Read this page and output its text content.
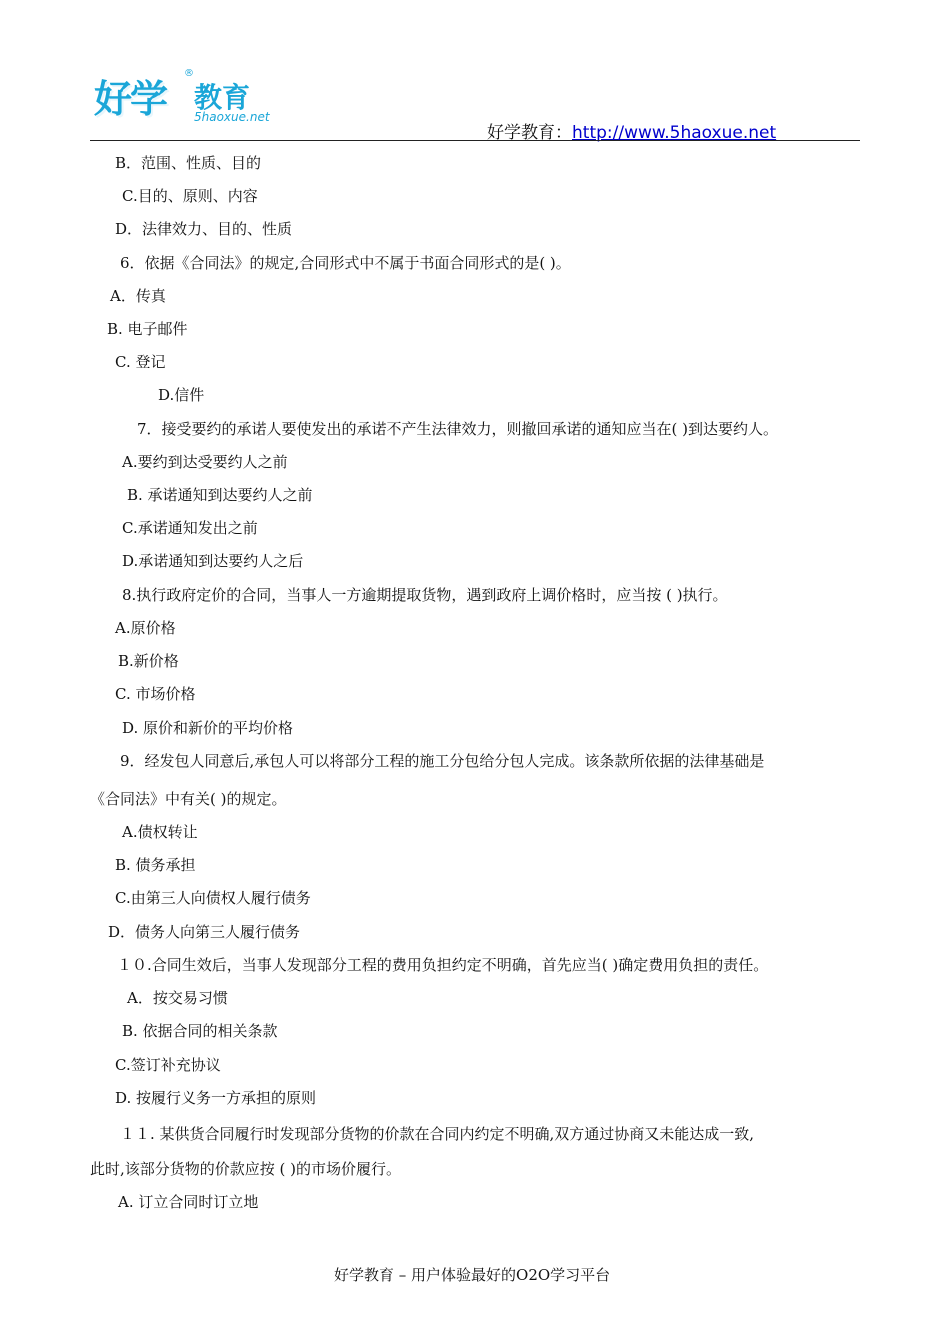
好学
®
教育
5haoxue.net
好学教育：http://www.5haoxue.net
B．范围、性质、目的
C.目的、原则、内容
D．法律效力、目的、性质
6．依据《合同法》的规定,合同形式中不属于书面合同形式的是( )。
A．传真
B. 电子邮件
C. 登记
D.信件
7．接受要约的承诺人要使发出的承诺不产生法律效力，则撤回承诺的通知应当在( )到达要约人。
A.要约到达受要约人之前
B. 承诺通知到达要约人之前
C.承诺通知发出之前
D.承诺通知到达要约人之后
8.执行政府定价的合同，当事人一方逾期提取货物，遇到政府上调价格时，应当按 ( )执行。
A.原价格
B.新价格
C. 市场价格
D. 原价和新价的平均价格
9．经发包人同意后,承包人可以将部分工程的施工分包给分包人完成。该条款所依据的法律基础是
《合同法》中有关( )的规定。
A.债权转让
B. 债务承担
C.由第三人向债权人履行债务
D．债务人向第三人履行债务
１０.合同生效后，当事人发现部分工程的费用负担约定不明确，首先应当( )确定费用负担的责任。
A．按交易习惯
B. 依据合同的相关条款
C.签订补充协议
D. 按履行义务一方承担的原则
１１. 某供货合同履行时发现部分货物的价款在合同内约定不明确,双方通过协商又未能达成一致,
此时,该部分货物的价款应按 ( )的市场价履行。
A. 订立合同时订立地
好学教育 – 用户体验最好的O2O学习平台
